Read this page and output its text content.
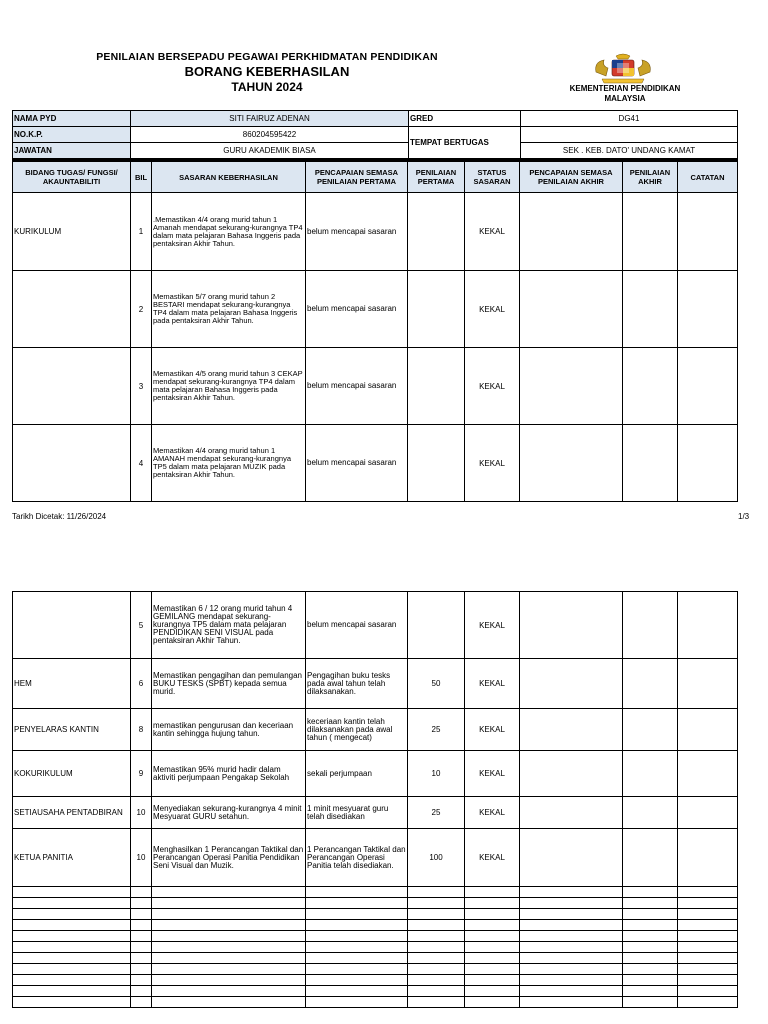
PENILAIAN BERSEPADU PEGAWAI PERKHIDMATAN PENDIDIKAN
BORANG KEBERHASILAN
TAHUN 2024	KEMENTERIAN PENDIDIKAN
MALAYSIA
NAMA PYD	SITI FAIRUZ ADENAN	GRED	DG41
NO.K.P.	860204595422	TEMPAT BERTUGAS	
JAWATAN	GURU AKADEMIK BIASA		SEK . KEB. DATO' UNDANG KAMAT
BIDANG TUGAS/ FUNGSI/ AKAUNTABILITI	BIL	SASARAN KEBERHASILAN	PENCAPAIAN SEMASA PENILAIAN PERTAMA	PENILAIAN PERTAMA	STATUS SASARAN	PENCAPAIAN SEMASA PENILAIAN AKHIR	PENILAIAN AKHIR	CATATAN
KURIKULUM	1	.Memastikan 4/4 orang murid tahun 1 Amanah mendapat sekurang-kurangnya TP4 dalam mata pelajaran Bahasa Inggeris pada pentaksiran Akhir Tahun.	belum mencapai sasaran		KEKAL			
	2	Memastikan 5/7 orang murid tahun 2 BESTARI mendapat sekurang-kurangnya TP4 dalam mata pelajaran Bahasa Inggeris pada pentaksiran Akhir Tahun.	belum mencapai sasaran		KEKAL			
	3	Memastikan 4/5 orang murid tahun 3 CEKAP mendapat sekurang-kurangnya TP4 dalam mata pelajaran Bahasa Inggeris pada pentaksiran Akhir Tahun.	belum mencapai sasaran		KEKAL			
	4	Memastikan 4/4 orang murid tahun 1 AMANAH mendapat sekurang-kurangnya TP5 dalam mata pelajaran MUZIK pada pentaksiran Akhir Tahun.	belum mencapai sasaran		KEKAL			
Tarikh Dicetak: 11/26/2024	1/3
	5	Memastikan 6 / 12 orang murid tahun 4 GEMILANG mendapat sekurang-kurangnya TP5 dalam mata pelajaran PENDIDIKAN SENI VISUAL pada pentaksiran Akhir Tahun.	belum mencapai sasaran		KEKAL			
HEM	6	Memastikan pengagihan dan pemulangan BUKU TESKS (SPBT) kepada semua murid.	Pengagihan buku tesks pada awal tahun telah dilaksanakan.	50	KEKAL			
PENYELARAS KANTIN	8	memastikan pengurusan dan keceriaan kantin sehingga hujung tahun.	keceriaan kantin telah dilaksanakan pada awal tahun ( mengecat)	25	KEKAL			
KOKURIKULUM	9	Memastikan 95% murid hadir dalam aktiviti perjumpaan Pengakap Sekolah	sekali perjumpaan	10	KEKAL			
SETIAUSAHA PENTADBIRAN	10	Menyediakan sekurang-kurangnya 4 minit Mesyuarat GURU setahun.	1 minit mesyuarat guru telah disediakan	25	KEKAL			
KETUA PANITIA	10	Menghasilkan 1 Perancangan Taktikal dan Perancangan Operasi Panitia Pendidikan Seni Visual dan Muzik.	1 Perancangan Taktikal dan Perancangan Operasi Panitia telah disediakan.	100	KEKAL			
